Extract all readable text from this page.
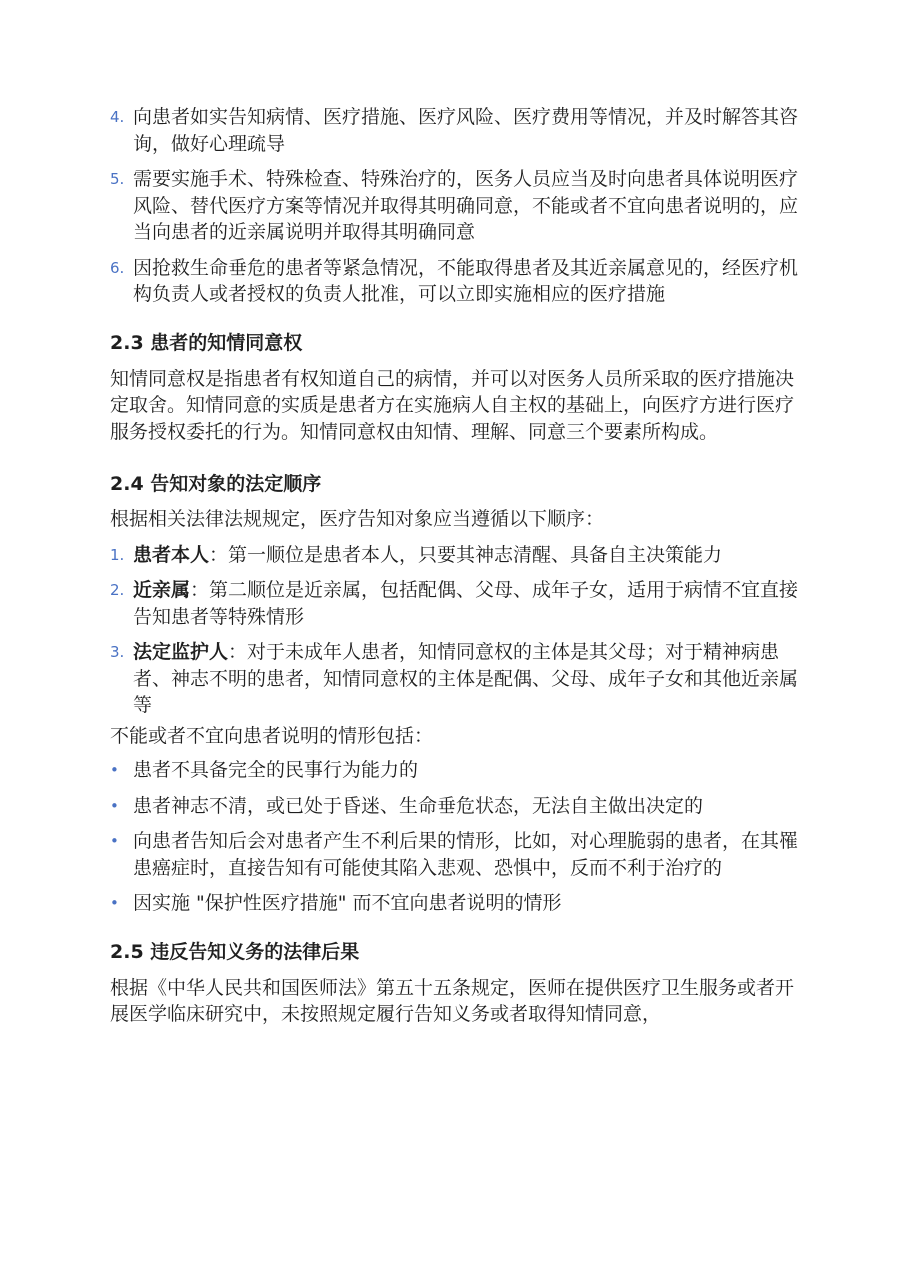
4. 向患者如实告知病情、医疗措施、医疗风险、医疗费用等情况，并及时解答其咨询，做好心理疏导
5. 需要实施手术、特殊检查、特殊治疗的，医务人员应当及时向患者具体说明医疗风险、替代医疗方案等情况并取得其明确同意，不能或者不宜向患者说明的，应当向患者的近亲属说明并取得其明确同意
6. 因抢救生命垂危的患者等紧急情况，不能取得患者及其近亲属意见的，经医疗机构负责人或者授权的负责人批准，可以立即实施相应的医疗措施
2.3 患者的知情同意权

知情同意权是指患者有权知道自己的病情，并可以对医务人员所采取的医疗措施决定取舍。知情同意的实质是患者方在实施病人自主权的基础上，向医疗方进行医疗服务授权委托的行为。知情同意权由知情、理解、同意三个要素所构成。

2.4 告知对象的法定顺序

根据相关法律法规规定，医疗告知对象应当遵循以下顺序：

1. 患者本人：第一顺位是患者本人，只要其神志清醒、具备自主决策能力
2. 近亲属：第二顺位是近亲属，包括配偶、父母、成年子女，适用于病情不宜直接告知患者等特殊情形
3. 法定监护人：对于未成年人患者，知情同意权的主体是其父母；对于精神病患者、神志不明的患者，知情同意权的主体是配偶、父母、成年子女和其他近亲属等

不能或者不宜向患者说明的情形包括：

• 患者不具备完全的民事行为能力的
• 患者神志不清，或已处于昏迷、生命垂危状态，无法自主做出决定的
• 向患者告知后会对患者产生不利后果的情形，比如，对心理脆弱的患者，在其罹患癌症时，直接告知有可能使其陷入悲观、恐惧中，反而不利于治疗的
• 因实施 "保护性医疗措施" 而不宜向患者说明的情形
2.5 违反告知义务的法律后果

根据《中华人民共和国医师法》第五十五条规定，医师在提供医疗卫生服务或者开展医学临床研究中，未按照规定履行告知义务或者取得知情同意，
